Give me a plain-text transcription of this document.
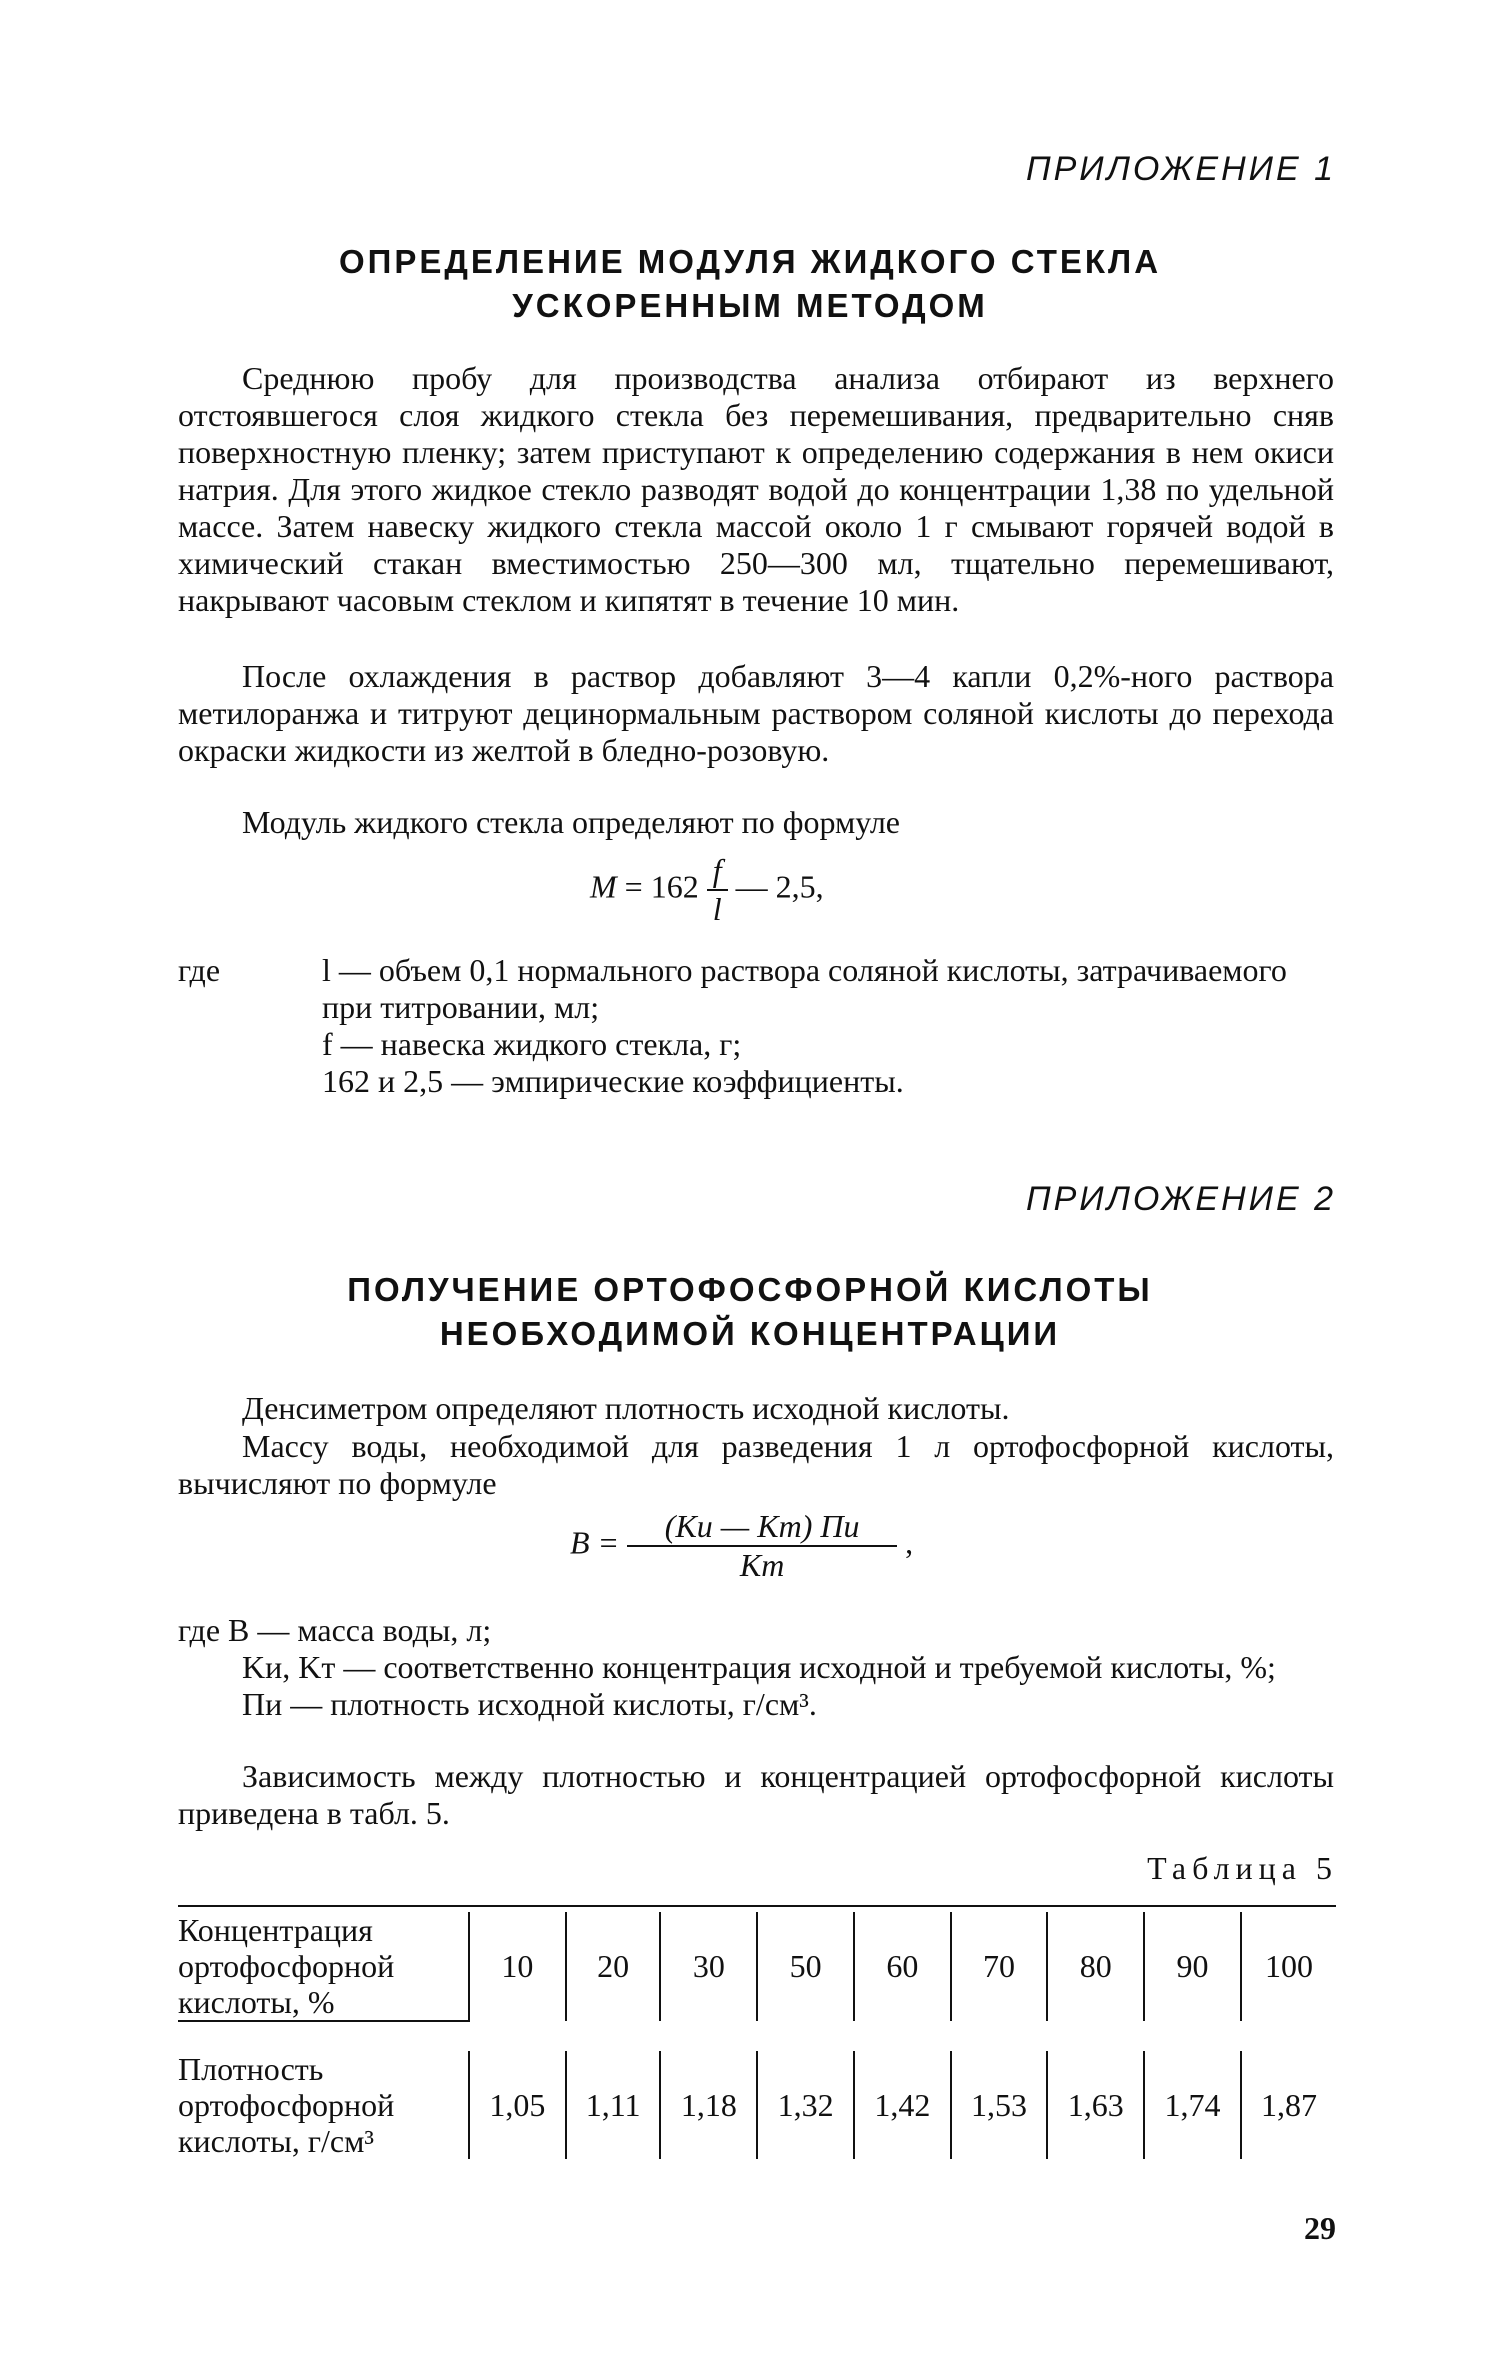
ПРИЛОЖЕНИЕ 1
ОПРЕДЕЛЕНИЕ МОДУЛЯ ЖИДКОГО СТЕКЛА
УСКОРЕННЫМ МЕТОДОМ

Среднюю пробу для производства анализа отбирают из верхнего отстоявшегося слоя жидкого стекла без перемешивания, предварительно сняв поверхностную пленку; затем приступают к определению содержания в нем окиси натрия. Для этого жидкое стекло разводят водой до концентрации 1,38 по удельной массе. Затем навеску жидкого стекла массой около 1 г смывают горячей водой в химический стакан вместимостью 250—300 мл, тщательно перемешивают, накрывают часовым стеклом и кипятят в течение 10 мин.

После охлаждения в раствор добавляют 3—4 капли 0,2%-ного раствора метилоранжа и титруют децинормальным раствором соляной кислоты до перехода окраски жидкости из желтой в бледно-розовую.

Модуль жидкого стекла определяют по формуле

$M = 162 \frac{f}{l}$ — 2,5,
где	l — объем 0,1 нормального раствора соляной кислоты, затрачиваемого при титровании, мл;
f — навеска жидкого стекла, г;
162 и 2,5 — эмпирические коэффициенты.
ПРИЛОЖЕНИЕ 2
ПОЛУЧЕНИЕ ОРТОФОСФОРНОЙ КИСЛОТЫ
НЕОБХОДИМОЙ КОНЦЕНТРАЦИИ

Денсиметром определяют плотность исходной кислоты.

Массу воды, необходимой для разведения 1 л ортофосфорной кислоты, вычисляют по формуле

$B = \frac{(Kи — Kт) Пи}{Kт}$ ,
где B — масса воды, л;
Kи, Kт — соответственно концентрация исходной и требуемой кислоты, %;
Пи — плотность исходной кислоты, г/см³.

Зависимость между плотностью и концентрацией ортофосфорной кислоты приведена в табл. 5.

Таблица 5
Концентрация ортофосфорной кислоты, %	10	20	30	50	60	70	80	90	100

Плотность ортофосфорной кислоты, г/см³	1,05	1,11	1,18	1,32	1,42	1,53	1,63	1,74	1,87
29
